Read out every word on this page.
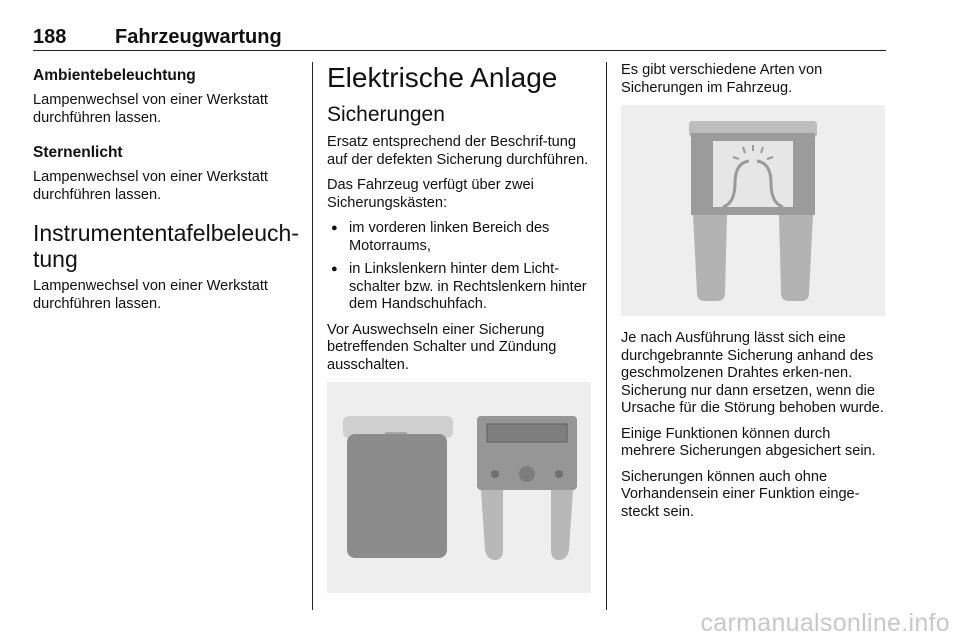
188 Fahrzeugwartung
Ambientebeleuchtung

Lampenwechsel von einer Werkstatt durchführen lassen.

Sternenlicht

Lampenwechsel von einer Werkstatt durchführen lassen.

Instrumententafelbeleuch-tung

Lampenwechsel von einer Werkstatt durchführen lassen.

Elektrische Anlage
Sicherungen

Ersatz entsprechend der Beschrif-tung auf der defekten Sicherung durchführen.

Das Fahrzeug verfügt über zwei Sicherungskästen:

● im vorderen linken Bereich des Motorraums,
● in Linkslenkern hinter dem Licht-schalter bzw. in Rechtslenkern hinter dem Handschuhfach.

Vor Auswechseln einer Sicherung betreffenden Schalter und Zündung ausschalten.

Es gibt verschiedene Arten von Sicherungen im Fahrzeug.

Je nach Ausführung lässt sich eine durchgebrannte Sicherung anhand des geschmolzenen Drahtes erken-nen. Sicherung nur dann ersetzen, wenn die Ursache für die Störung behoben wurde.

Einige Funktionen können durch mehrere Sicherungen abgesichert sein.

Sicherungen können auch ohne Vorhandensein einer Funktion einge-steckt sein.

carmanualsonline.info
